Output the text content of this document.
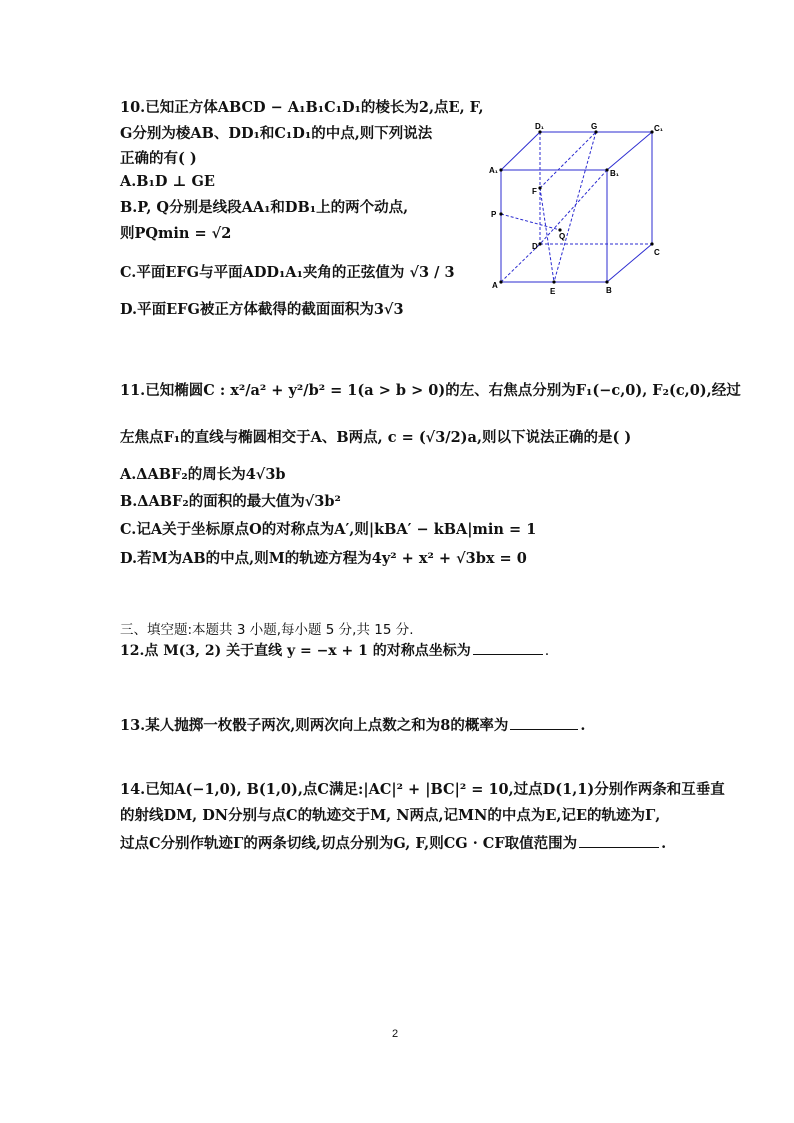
10.已知正方体ABCD − A₁B₁C₁D₁的棱长为2,点E, F,
G分别为棱AB、DD₁和C₁D₁的中点,则下列说法
正确的有( )
A.B₁D ⊥ GE
B.P, Q分别是线段AA₁和DB₁上的两个动点,
则PQmin = √2
C.平面EFG与平面ADD₁A₁夹角的正弦值为 √3 / 3
D.平面EFG被正方体截得的截面面积为3√3
D₁	G	C₁
A₁	B₁
F
P
Q
D
C
A
E	B
11.已知椭圆C : x²/a² + y²/b² = 1(a > b > 0)的左、右焦点分别为F₁(−c,0), F₂(c,0),经过
左焦点F₁的直线与椭圆相交于A、B两点, c = (√3/2)a,则以下说法正确的是( )
A.ΔABF₂的周长为4√3b
B.ΔABF₂的面积的最大值为√3b²
C.记A关于坐标原点O的对称点为A′,则|kBA′ − kBA|min = 1
D.若M为AB的中点,则M的轨迹方程为4y² + x² + √3bx = 0
三、填空题:本题共 3 小题,每小题 5 分,共 15 分.
12.点 M(3, 2) 关于直线 y = −x + 1 的对称点坐标为	.
13.某人抛掷一枚骰子两次,则两次向上点数之和为8的概率为	.
14.已知A(−1,0), B(1,0),点C满足:|AC|² + |BC|² = 10,过点D(1,1)分别作两条和互垂直
的射线DM, DN分别与点C的轨迹交于M, N两点,记MN的中点为E,记E的轨迹为Γ,
过点C分别作轨迹Γ的两条切线,切点分别为G, F,则CG · CF取值范围为	.
2
